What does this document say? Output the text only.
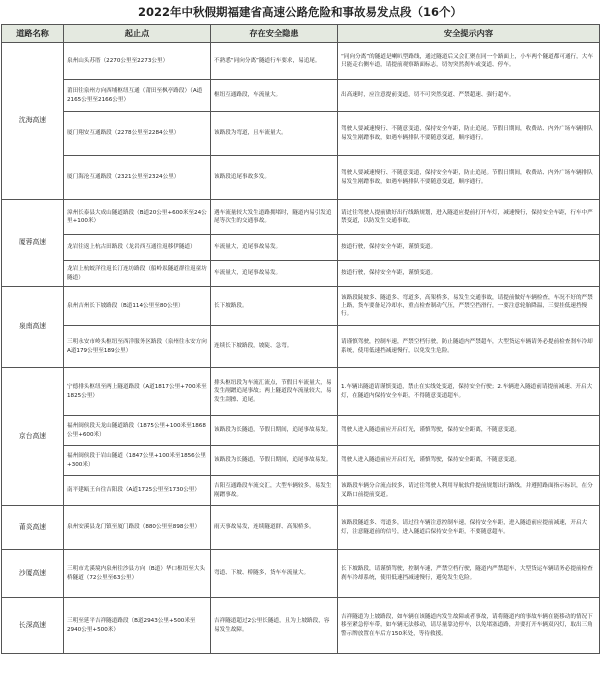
2022年中秋假期福建省高速公路危险和事故易发点段（16个）
道路名称	起止点	存在安全隐患	安全提示内容
沈海高速	泉州山头苏厝（2270公里至2273公里）	不熟悉“同向分离”隧道行车要求，易追尾。	“同向分离”的隧道是喇叭型路线，通过隧道后又会汇聚在同一个路面上，小车两个隧道都可通行，大车只能走右侧车道，请提前观察路面标志，切勿突然刹车或变道、停车。
	莆田往泉州方向西埔枢纽互通（莆田至枫亭路段）（A道2165公里至2166公里）	枢纽互通路段，车流量大。	出高速时，应注意提前变道，切不可突然变道、严禁超速、强行超车。
	厦门翔安互通路段（2278公里至2284公里）	该路段为弯道，且车流量大。	驾驶人要减速慢行、不随意变道，保持安全车距，防止追尾。节假日期间，收费站、内外广场车辆排队易发生剐蹭事故，如遇车辆排队不要随意变道，顺序通行。
	厦门海沧互通路段（2321公里至2324公里）	该路段追尾事故多发。	驾驶人要减速慢行、不随意变道，保持安全车距，防止追尾。节假日期间，收费站、内外广场车辆排队易发生剐蹭事故，如遇车辆排队不要随意变道，顺序通行。
厦蓉高速	漳州长泰县大成山隧道路段（B道20公里+600米至24公里+100米）	遇车流量较大发生道路拥堵时，隧道内易引发追尾等次生的交通事故。	请过往驾驶人提前做好出行线路规划，进入隧道应提前打开车灯，减速慢行，保持安全车距，行车中严禁变道，以防发生交通事故。
	龙岩往返上杭古田路段（龙岩西互通往返移伊隧道）	车流量大，追尾事故易发。	按道行驶，保持安全车距，谨慎变道。
	龙岩上杭蛟洋往返长汀连坊路段（船岭岽隧道群往返童坊隧道）	车流量大，追尾事故易发。	按道行驶，保持安全车距，谨慎变道。
泉南高速	泉州吉州长下坡路段（B道114公里至80公里）	长下坡路段。	该路段陡坡多、隧道多、弯道多，高架桥多，易发生交通事故，请提前做好车辆检查，车况不好的严禁上路，货车要备足冷却水，重点检查制动气压，严禁空挡滑行，一要注意轮胎降温，三要挂低速挡慢行。
	三明永安市岭头枢纽至西洋服务区路段（泉州往永安方向A道179公里至189公里）	连续长下坡路段，坡陡、急弯。	请谨慎驾驶，控制车速，严禁空档行驶，防止隧道内严禁超车，大型货运车辆请务必提前检查刹车冷却系统，使用低速挡减速慢行，以免发生危险。
京台高速	宁德排头枢纽至两上隧道路段（A道1817公里+700米至1825公里）	排头枢纽段为车流汇流点，节假日车流量大，易发生剐蹭追尾事故；两上隧道段车流量较大，易发生刮擦、追尾。	1.车辆出隧道请谨慎变道，禁止在实线处变道，保持安全行驶；2.车辆进入隧道前请提前减速、开启大灯，在隧道内保持安全车距，不得随意变道超车。
	福州闽侯段天龙山隧道路段（1875公里+100米至1868公里+600米）	该路段为长隧道，节假日期间，追尾事故易发。	驾驶人进入隧道前应开启灯光，谨慎驾驶，保持安全距离，不随意变道。
	福州闽侯段于岩山隧道（1847公里+100米至1856公里+300米）	该路段为长隧道，节假日期间，追尾事故易发。	驾驶人进入隧道前应开启灯光，谨慎驾驶，保持安全距离，不随意变道。
	南平建瓯王台往吉阳段（A道1725公里至1730公里）	吉阳互通路段车流交汇，大型车辆较多，易发生剐蹭事故。	该路段车辆分合流点较多，请过往驾驶人利用导航软件提前规划出行路线，并遵照路面指示标识，在分叉路口前提前变道。
莆炎高速	泉州安溪县龙门镇至厦门路段（880公里至898公里）	雨天事故易发，连续隧道群、高架桥多。	该路段隧道多、弯道多，请过往车辆注意控制车速，保持安全车距，进入隧道前应提前减速，开启大灯，注意隧道前的信号，进入隧道后保持安全车距，不要随意超车。
沙厦高速	三明市尤溪境内泉州往沙县方向（B道）华口枢纽至大头桥隧道（72公里至63公里）	弯道、下坡、桥隧多，货车车流量大。	长下坡路段，请谨慎驾驶，控制车速，严禁空档行驶，隧道内严禁超车，大型货运车辆请务必提前检查刹车冷却系统，使用低速挡减速慢行，避免发生危险。
长深高速	三明至延平吉祥隧道路段（B道2943公里+500米至2940公里+500米）	吉祥隧道超过2公里长隧道，且为上坡路段，容易发生故障。	吉祥隧道为上坡路段，如车辆在该隧道内发生故障或者事故，请将隧道内的事故车辆在能移动的情况下移至紧急停车带，如车辆无法移动，请尽量靠边停车，以免堵塞道路，并要打开车辆双闪灯，取出三角警示牌放置在车后方150米处，等待救援。
